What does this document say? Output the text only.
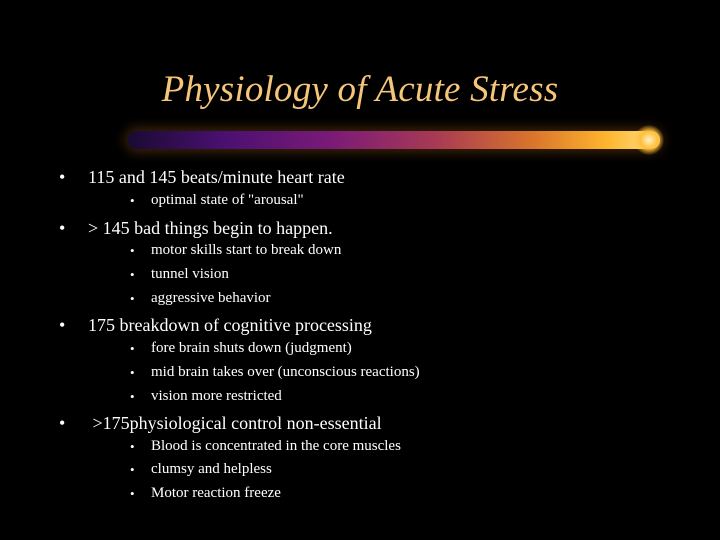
Physiology of Acute Stress
• 115 and 145 beats/minute heart rate
• optimal state of "arousal"
• > 145 bad things begin to happen.
• motor skills start to break down
• tunnel vision
• aggressive behavior
• 175 breakdown of cognitive processing
• fore brain shuts down (judgment)
• mid brain takes over (unconscious reactions)
• vision more restricted
• >175physiological control non-essential
• Blood is concentrated in the core muscles
• clumsy and helpless
• Motor reaction freeze
